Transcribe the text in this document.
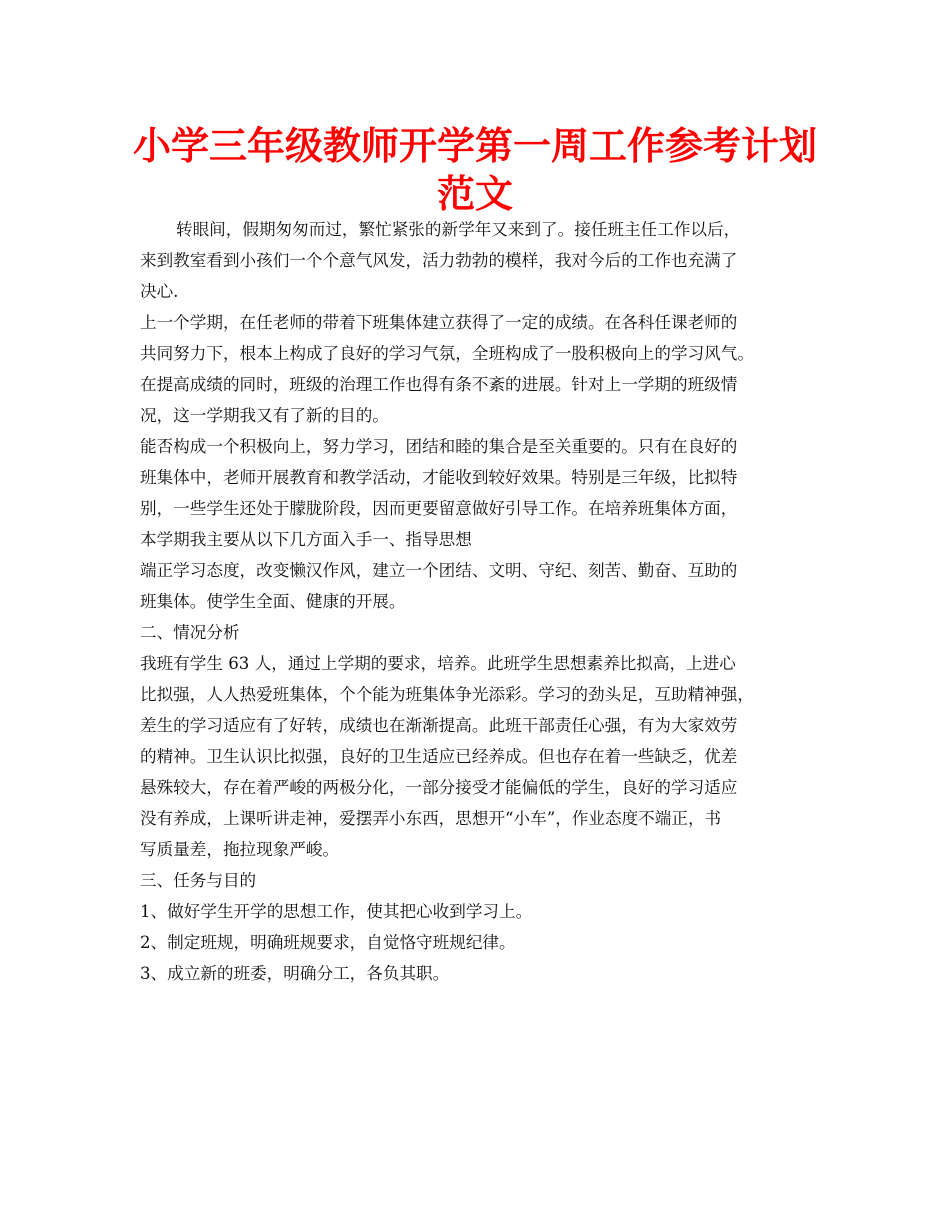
小学三年级教师开学第一周工作参考计划
范文
转眼间，假期匆匆而过，繁忙紧张的新学年又来到了。接任班主任工作以后，
来到教室看到小孩们一个个意气风发，活力勃勃的模样，我对今后的工作也充满了
决心.
上一个学期，在任老师的带着下班集体建立获得了一定的成绩。在各科任课老师的
共同努力下，根本上构成了良好的学习气氛，全班构成了一股积极向上的学习风气。
在提高成绩的同时，班级的治理工作也得有条不紊的进展。针对上一学期的班级情
况，这一学期我又有了新的目的。
能否构成一个积极向上，努力学习，团结和睦的集合是至关重要的。只有在良好的
班集体中，老师开展教育和教学活动，才能收到较好效果。特别是三年级，比拟特
别，一些学生还处于朦胧阶段，因而更要留意做好引导工作。在培养班集体方面，
本学期我主要从以下几方面入手一、指导思想
端正学习态度，改变懒汉作风，建立一个团结、文明、守纪、刻苦、勤奋、互助的
班集体。使学生全面、健康的开展。
二、情况分析
我班有学生 63 人，通过上学期的要求，培养。此班学生思想素养比拟高，上进心
比拟强，人人热爱班集体，个个能为班集体争光添彩。学习的劲头足，互助精神强，
差生的学习适应有了好转，成绩也在渐渐提高。此班干部责任心强，有为大家效劳
的精神。卫生认识比拟强，良好的卫生适应已经养成。但也存在着一些缺乏，优差
悬殊较大，存在着严峻的两极分化，一部分接受才能偏低的学生，良好的学习适应
没有养成，上课听讲走神，爱摆弄小东西，思想开“小车”，作业态度不端正，书
写质量差，拖拉现象严峻。
三、任务与目的
1、做好学生开学的思想工作，使其把心收到学习上。
2、制定班规，明确班规要求，自觉恪守班规纪律。
3、成立新的班委，明确分工，各负其职。
